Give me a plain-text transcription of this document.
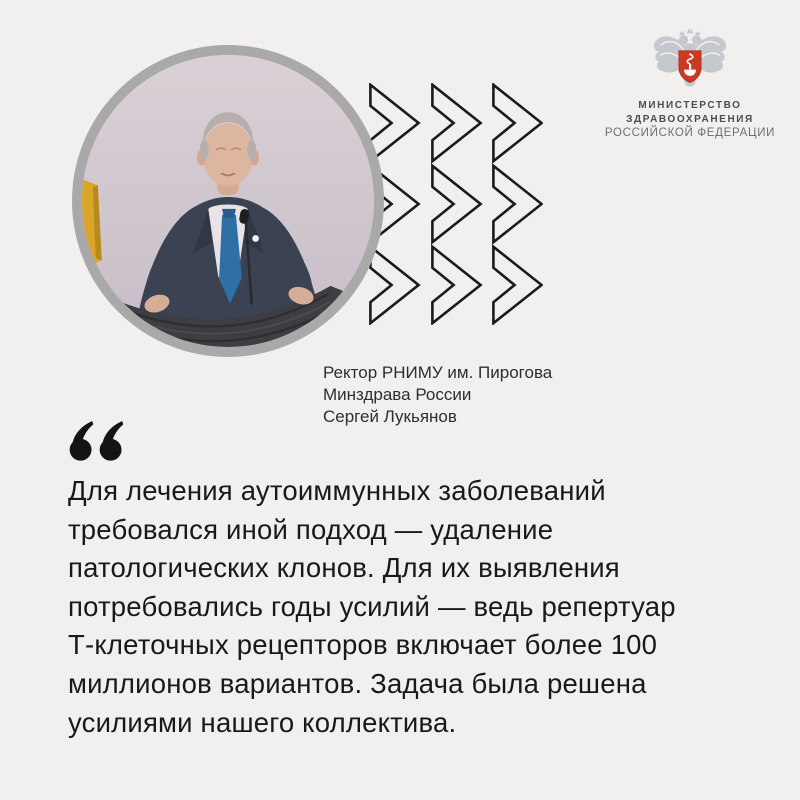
МИНИСТЕРСТВО
ЗДРАВООХРАНЕНИЯ
РОССИЙСКОЙ ФЕДЕРАЦИИ
Ректор РНИМУ им. Пирогова
Минздрава России
Сергей Лукьянов
Для лечения аутоиммунных заболеваний
требовался иной подход — удаление
патологических клонов. Для их выявления
потребовались годы усилий — ведь репертуар
Т-клеточных рецепторов включает более 100
миллионов вариантов. Задача была решена
усилиями нашего коллектива.
